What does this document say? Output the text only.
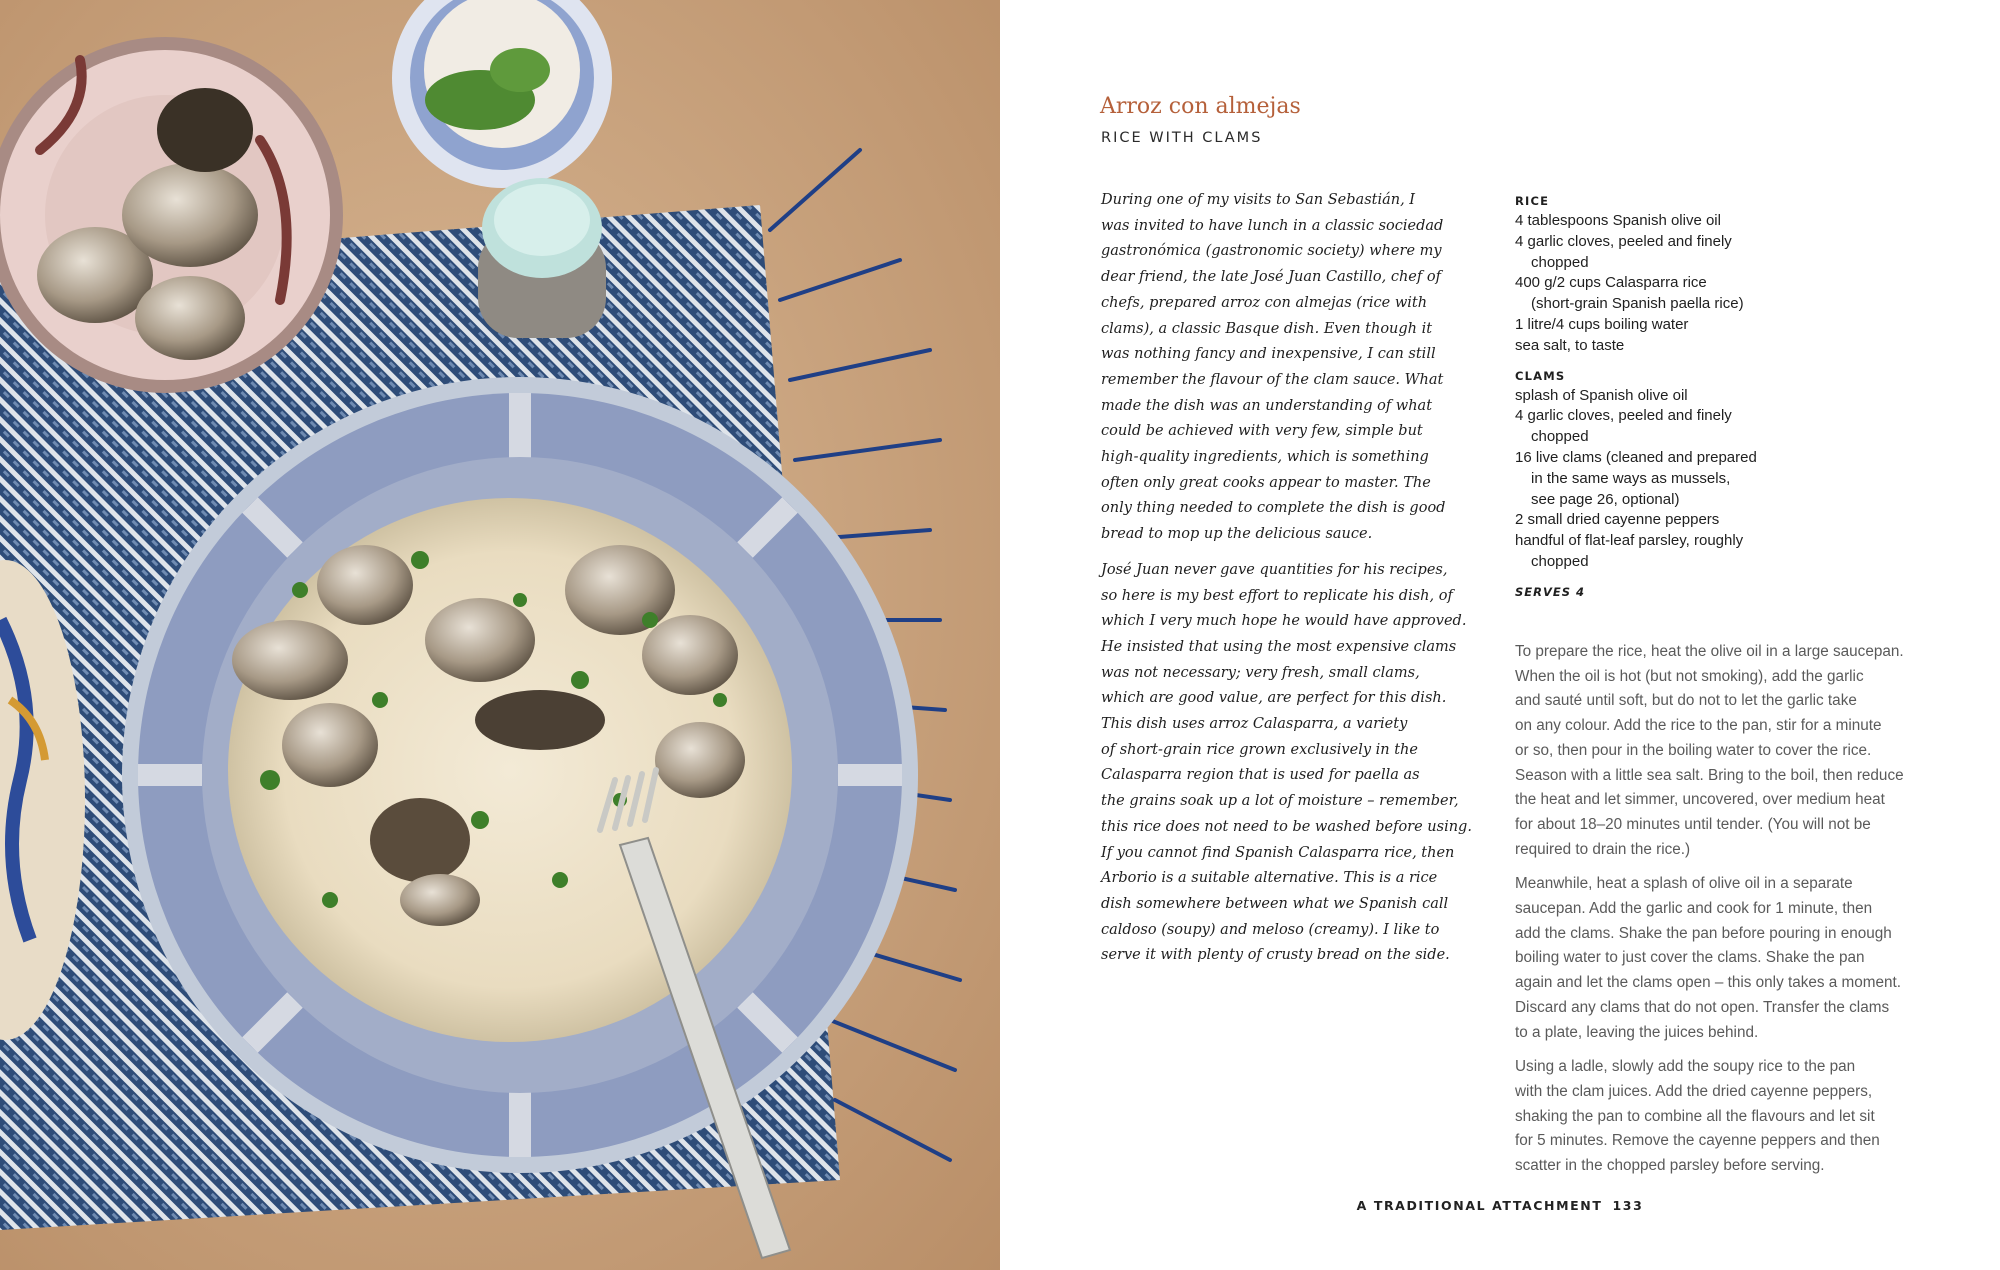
Arroz con almejas
RICE WITH CLAMS

During one of my visits to San Sebastián, I
was invited to have lunch in a classic sociedad
gastronómica (gastronomic society) where my
dear friend, the late José Juan Castillo, chef of
chefs, prepared arroz con almejas (rice with
clams), a classic Basque dish. Even though it
was nothing fancy and inexpensive, I can still
remember the flavour of the clam sauce. What
made the dish was an understanding of what
could be achieved with very few, simple but
high-quality ingredients, which is something
often only great cooks appear to master. The
only thing needed to complete the dish is good
bread to mop up the delicious sauce.

José Juan never gave quantities for his recipes,
so here is my best effort to replicate his dish, of
which I very much hope he would have approved.
He insisted that using the most expensive clams
was not necessary; very fresh, small clams,
which are good value, are perfect for this dish.
This dish uses arroz Calasparra, a variety
of short-grain rice grown exclusively in the
Calasparra region that is used for paella as
the grains soak up a lot of moisture – remember,
this rice does not need to be washed before using.
If you cannot find Spanish Calasparra rice, then
Arborio is a suitable alternative. This is a rice
dish somewhere between what we Spanish call
caldoso (soupy) and meloso (creamy). I like to
serve it with plenty of crusty bread on the side.

RICE
4 tablespoons Spanish olive oil
4 garlic cloves, peeled and finely
chopped
400 g/2 cups Calasparra rice
(short-grain Spanish paella rice)
1 litre/4 cups boiling water
sea salt, to taste
CLAMS
splash of Spanish olive oil
4 garlic cloves, peeled and finely
chopped
16 live clams (cleaned and prepared
in the same ways as mussels,
see page 26, optional)
2 small dried cayenne peppers
handful of flat-leaf parsley, roughly
chopped
SERVES 4

To prepare the rice, heat the olive oil in a large saucepan.
When the oil is hot (but not smoking), add the garlic
and sauté until soft, but do not to let the garlic take
on any colour. Add the rice to the pan, stir for a minute
or so, then pour in the boiling water to cover the rice.
Season with a little sea salt. Bring to the boil, then reduce
the heat and let simmer, uncovered, over medium heat
for about 18–20 minutes until tender. (You will not be
required to drain the rice.)

Meanwhile, heat a splash of olive oil in a separate
saucepan. Add the garlic and cook for 1 minute, then
add the clams. Shake the pan before pouring in enough
boiling water to just cover the clams. Shake the pan
again and let the clams open – this only takes a moment.
Discard any clams that do not open. Transfer the clams
to a plate, leaving the juices behind.

Using a ladle, slowly add the soupy rice to the pan
with the clam juices. Add the dried cayenne peppers,
shaking the pan to combine all the flavours and let sit
for 5 minutes. Remove the cayenne peppers and then
scatter in the chopped parsley before serving.

A TRADITIONAL ATTACHMENT 133
